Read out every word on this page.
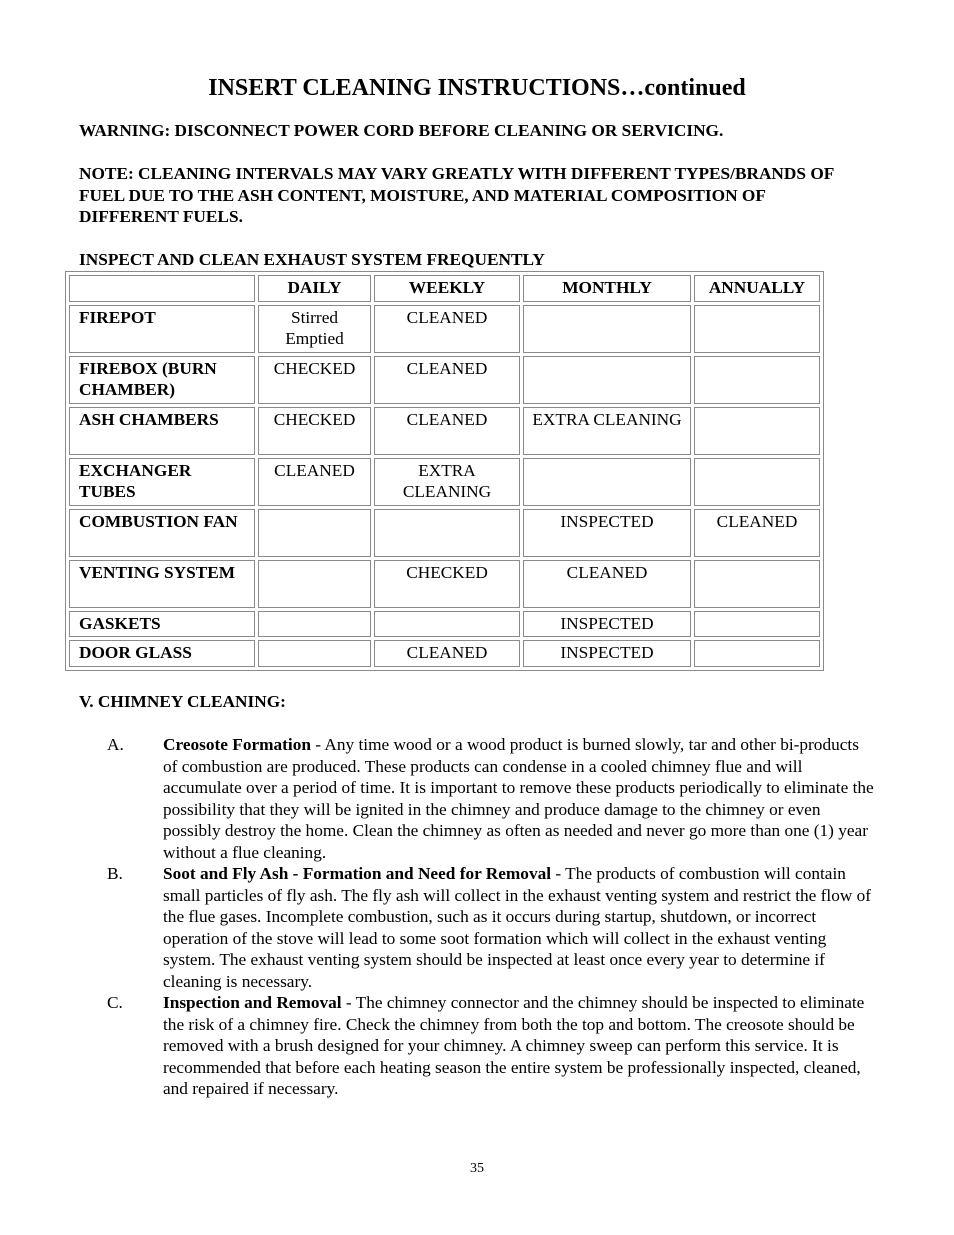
INSERT CLEANING INSTRUCTIONS…continued

WARNING: DISCONNECT POWER CORD BEFORE CLEANING OR SERVICING.

NOTE: CLEANING INTERVALS MAY VARY GREATLY WITH DIFFERENT TYPES/BRANDS OF FUEL DUE TO THE ASH CONTENT, MOISTURE, AND MATERIAL COMPOSITION OF DIFFERENT FUELS.

INSPECT AND CLEAN EXHAUST SYSTEM FREQUENTLY

	DAILY	WEEKLY	MONTHLY	ANNUALLY
FIREPOT	Stirred Emptied	CLEANED		
FIREBOX (BURN CHAMBER)	CHECKED	CLEANED		
ASH CHAMBERS	CHECKED	CLEANED	EXTRA CLEANING	
EXCHANGER TUBES	CLEANED	EXTRA CLEANING		
COMBUSTION FAN			INSPECTED	CLEANED
VENTING SYSTEM		CHECKED	CLEANED	
GASKETS			INSPECTED	
DOOR GLASS		CLEANED	INSPECTED	
V. CHIMNEY CLEANING:
A. Creosote Formation - Any time wood or a wood product is burned slowly, tar and other bi-products of combustion are produced. These products can condense in a cooled chimney flue and will accumulate over a period of time. It is important to remove these products periodically to eliminate the possibility that they will be ignited in the chimney and produce damage to the chimney or even possibly destroy the home. Clean the chimney as often as needed and never go more than one (1) year without a flue cleaning.
B. Soot and Fly Ash - Formation and Need for Removal - The products of combustion will contain small particles of fly ash. The fly ash will collect in the exhaust venting system and restrict the flow of the flue gases. Incomplete combustion, such as it occurs during startup, shutdown, or incorrect operation of the stove will lead to some soot formation which will collect in the exhaust venting system. The exhaust venting system should be inspected at least once every year to determine if cleaning is necessary.
C. Inspection and Removal - The chimney connector and the chimney should be inspected to eliminate the risk of a chimney fire. Check the chimney from both the top and bottom. The creosote should be removed with a brush designed for your chimney. A chimney sweep can perform this service. It is recommended that before each heating season the entire system be professionally inspected, cleaned, and repaired if necessary.
35
